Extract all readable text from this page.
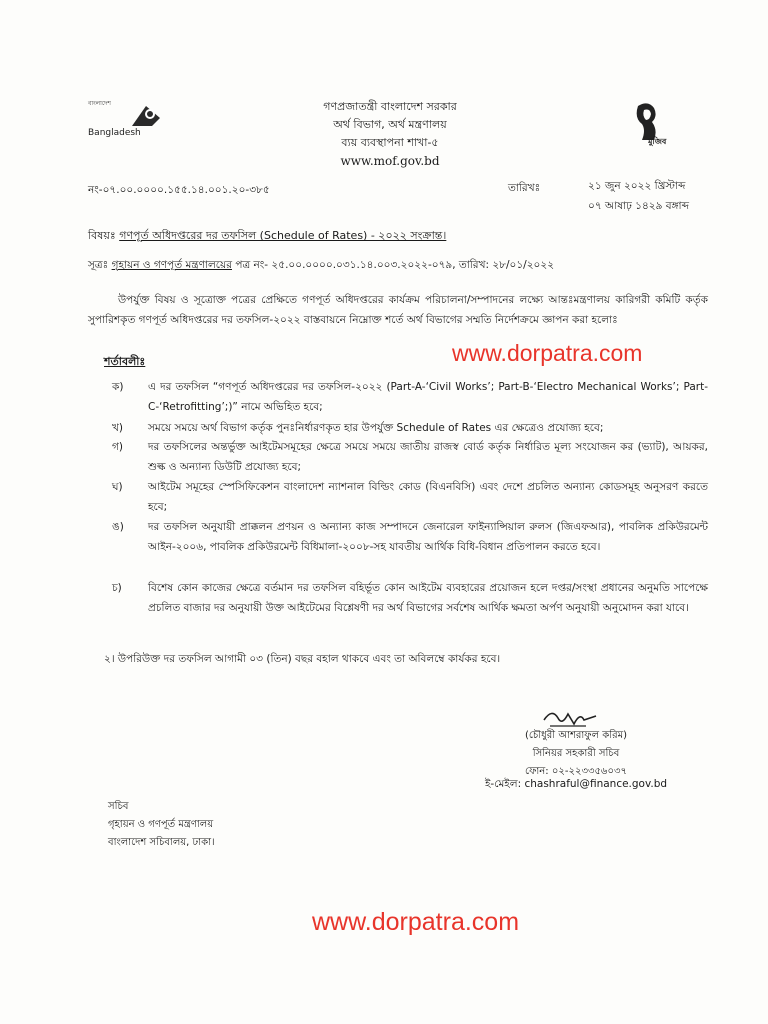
বাংলাদেশ
Bangladesh
গণপ্রজাতন্ত্রী বাংলাদেশ সরকার
অর্থ বিভাগ, অর্থ মন্ত্রণালয়
ব্যয় ব্যবস্থাপনা শাখা-৫
www.mof.gov.bd
মুজিব
নং-০৭.০০.০০০০.১৫৫.১৪.০০১.২০-৩৮৫	তারিখঃ	২১ জুন ২০২২ খ্রিস্টাব্দ
০৭ আষাঢ় ১৪২৯ বঙ্গাব্দ
বিষয়ঃ গণপূর্ত অধিদপ্তরের দর তফসিল (Schedule of Rates) - ২০২২ সংক্রান্ত।
সূত্রঃ গৃহায়ন ও গণপূর্ত মন্ত্রণালয়ের পত্র নং- ২৫.০০.০০০০.০৩১.১৪.০০৩.২০২২-০৭৯, তারিখ: ২৮/০১/২০২২
উপর্যুক্ত বিষয় ও সূত্রোক্ত পত্রের প্রেক্ষিতে গণপূর্ত অধিদপ্তরের কার্যক্রম পরিচালনা/সম্পাদনের লক্ষ্যে আন্তঃমন্ত্রণালয় কারিগরী কমিটি কর্তৃক সুপারিশকৃত গণপূর্ত অধিদপ্তরের দর তফসিল-২০২২ বাস্তবায়নে নিম্নোক্ত শর্তে অর্থ বিভাগের সম্মতি নির্দেশক্রমে জ্ঞাপন করা হলোঃ
শর্তাবলীঃ	www.dorpatra.com
ক)	এ দর তফসিল “গণপূর্ত অধিদপ্তরের দর তফসিল-২০২২ (Part-A-‘Civil Works’; Part-B-‘Electro Mechanical Works’; Part-C-‘Retrofitting’;)” নামে অভিহিত হবে;
খ)	সময়ে সময়ে অর্থ বিভাগ কর্তৃক পুনঃনির্ধারণকৃত হার উপর্যুক্ত Schedule of Rates এর ক্ষেত্রেও প্রযোজ্য হবে;
গ)	দর তফসিলের অন্তর্ভুক্ত আইটেমসমূহের ক্ষেত্রে সময়ে সময়ে জাতীয় রাজস্ব বোর্ড কর্তৃক নির্ধারিত মূল্য সংযোজন কর (ভ্যাট), আয়কর, শুল্ক ও অন্যান্য ডিউটি প্রযোজ্য হবে;
ঘ)	আইটেম সমূহের স্পেসিফিকেশন বাংলাদেশ ন্যাশনাল বিল্ডিং কোড (বিএনবিসি) এবং দেশে প্রচলিত অন্যান্য কোডসমূহ অনুসরণ করতে হবে;
ঙ)	দর তফসিল অনুযায়ী প্রাক্কলন প্রণয়ন ও অন্যান্য কাজ সম্পাদনে জেনারেল ফাইন্যান্সিয়াল রুলস (জিএফআর), পাবলিক প্রকিউরমেন্ট আইন-২০০৬, পাবলিক প্রকিউরমেন্ট বিধিমালা-২০০৮-সহ যাবতীয় আর্থিক বিধি-বিধান প্রতিপালন করতে হবে।
চ)	বিশেষ কোন কাজের ক্ষেত্রে বর্তমান দর তফসিল বহির্ভূত কোন আইটেম ব্যবহারের প্রয়োজন হলে দপ্তর/সংস্থা প্রধানের অনুমতি সাপেক্ষে প্রচলিত বাজার দর অনুযায়ী উক্ত আইটেমের বিশ্লেষণী দর অর্থ বিভাগের সর্বশেষ আর্থিক ক্ষমতা অর্পণ অনুযায়ী অনুমোদন করা যাবে।
২। উপরিউক্ত দর তফসিল আগামী ০৩ (তিন) বছর বহাল থাকবে এবং তা অবিলম্বে কার্যকর হবে।
(চৌধুরী আশরাফুল করিম)
সিনিয়র সহকারী সচিব
ফোন: ০২-২২৩৩৫৬০৩৭
ই-মেইল: chashraful@finance.gov.bd
সচিব
গৃহায়ন ও গণপূর্ত মন্ত্রণালয়
বাংলাদেশ সচিবালয়, ঢাকা।
www.dorpatra.com
